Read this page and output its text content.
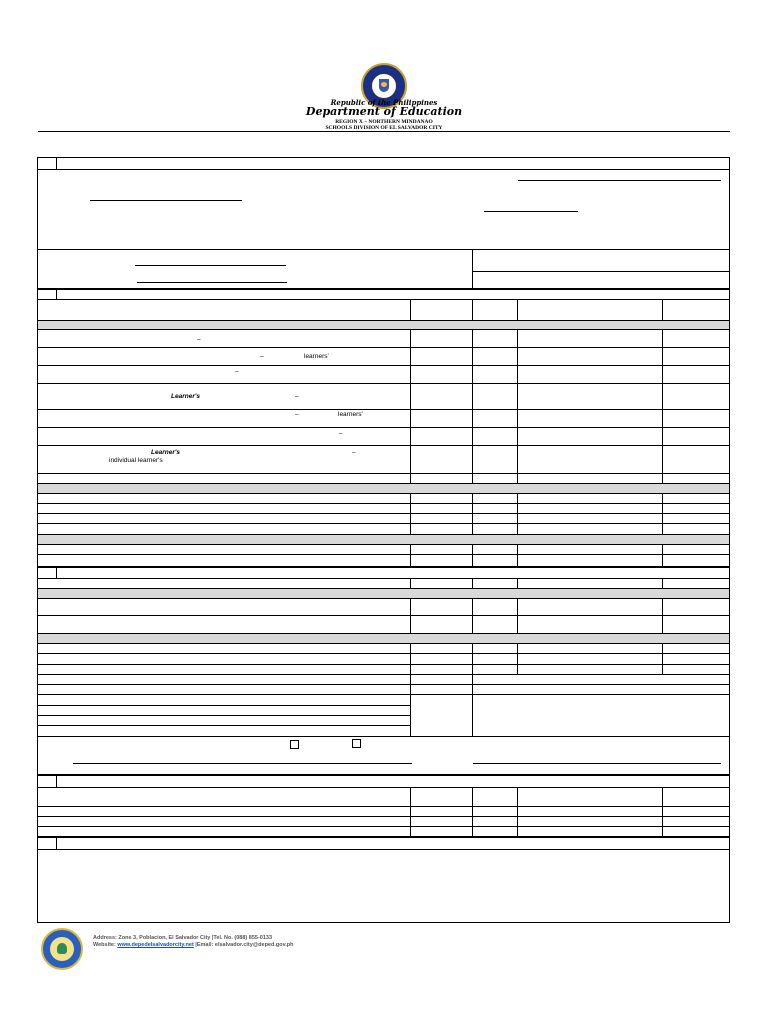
Republic of the Philippines
Department of Education
REGION X – NORTHERN MINDANAO
SCHOOLS DIVISION OF EL SALVADOR CITY
–
–	learners'
–
Learner's	–
–	learners'
–
Learner's	–
individual learner's
Address: Zone 3, Poblacion, El Salvador City |Tel. No. (088) 855-0133
Website: www.depedelsalvadorcity.net |Email: elsalvador.city@deped.gov.ph
